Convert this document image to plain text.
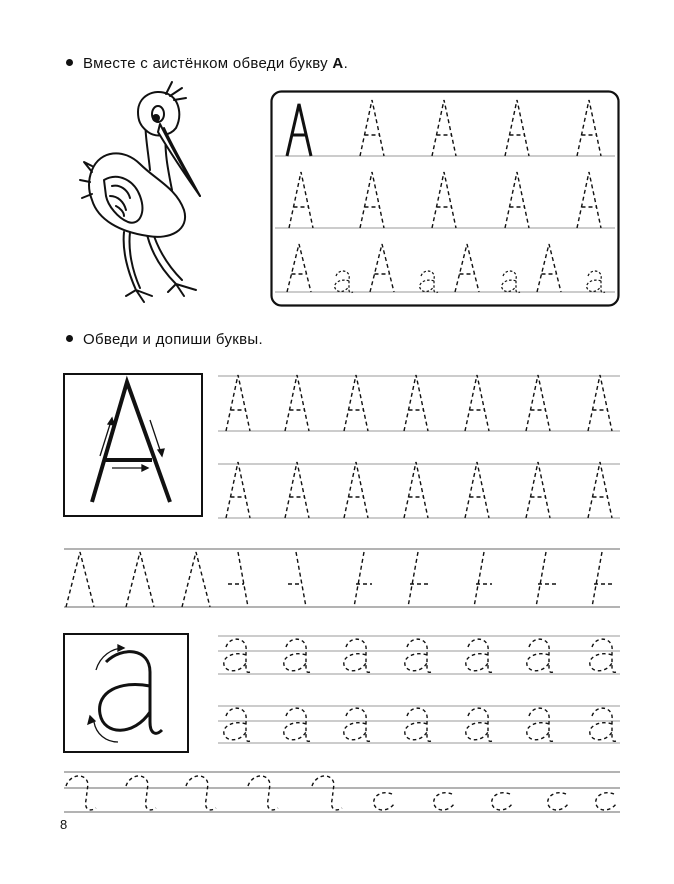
Вместе с аистёнком обведи букву А.
Обведи и допиши буквы.
8
